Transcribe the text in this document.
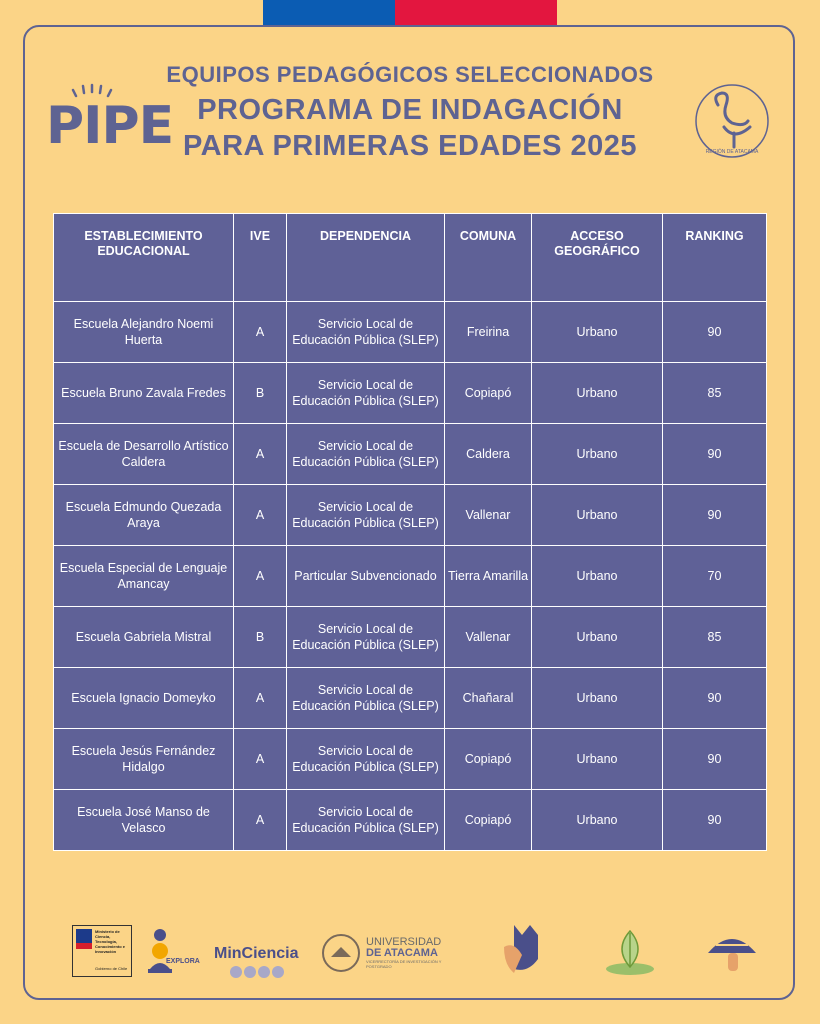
PIPE
EQUIPOS PEDAGÓGICOS SELECCIONADOS
PROGRAMA DE INDAGACIÓN
PARA PRIMERAS EDADES 2025	REGIÓN DE ATACAMA
ESTABLECIMIENTO EDUCACIONAL	IVE	DEPENDENCIA	COMUNA	ACCESO GEOGRÁFICO	RANKING
Escuela Alejandro Noemi Huerta	A	Servicio Local de Educación Pública (SLEP)	Freirina	Urbano	90
Escuela Bruno Zavala Fredes	B	Servicio Local de Educación Pública (SLEP)	Copiapó	Urbano	85
Escuela de Desarrollo Artístico Caldera	A	Servicio Local de Educación Pública (SLEP)	Caldera	Urbano	90
Escuela Edmundo Quezada Araya	A	Servicio Local de Educación Pública (SLEP)	Vallenar	Urbano	90
Escuela Especial de Lenguaje Amancay	A	Particular Subvencionado	Tierra Amarilla	Urbano	70
Escuela Gabriela Mistral	B	Servicio Local de Educación Pública (SLEP)	Vallenar	Urbano	85
Escuela Ignacio Domeyko	A	Servicio Local de Educación Pública (SLEP)	Chañaral	Urbano	90
Escuela Jesús Fernández Hidalgo	A	Servicio Local de Educación Pública (SLEP)	Copiapó	Urbano	90
Escuela José Manso de Velasco	A	Servicio Local de Educación Pública (SLEP)	Copiapó	Urbano	90
Ministerio de Ciencia, Tecnología, Conocimiento e Innovación
Gobierno de Chile
EXPLORA MinCiencia
UNIVERSIDAD
DE ATACAMA
VICERRECTORÍA DE INVESTIGACIÓN Y POSTGRADO
